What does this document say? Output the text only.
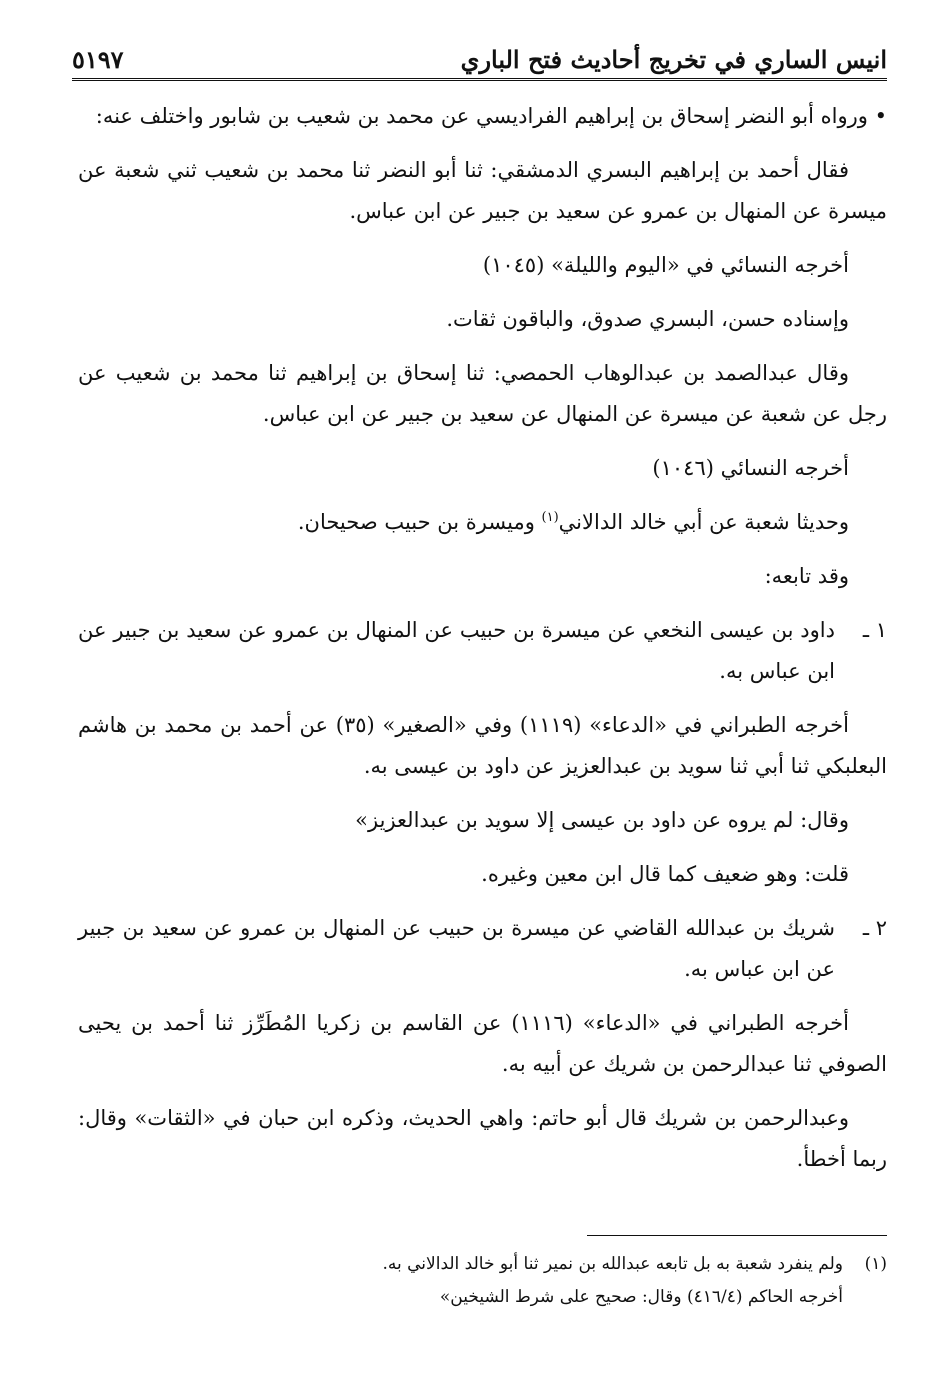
انيس الساري في تخريج أحاديث فتح الباري
٥١٩٧

• ورواه أبو النضر إسحاق بن إبراهيم الفراديسي عن محمد بن شعيب بن شابور واختلف عنه:

فقال أحمد بن إبراهيم البسري الدمشقي: ثنا أبو النضر ثنا محمد بن شعيب ثني شعبة عن ميسرة عن المنهال بن عمرو عن سعيد بن جبير عن ابن عباس.

أخرجه النسائي في «اليوم والليلة» (١٠٤٥)

وإسناده حسن، البسري صدوق، والباقون ثقات.

وقال عبدالصمد بن عبدالوهاب الحمصي: ثنا إسحاق بن إبراهيم ثنا محمد بن شعيب عن رجل عن شعبة عن ميسرة عن المنهال عن سعيد بن جبير عن ابن عباس.

أخرجه النسائي (١٠٤٦)

وحديثا شعبة عن أبي خالد الدالاني$^{(١)}$ وميسرة بن حبيب صحيحان.

وقد تابعه:

١ ـ
داود بن عيسى النخعي عن ميسرة بن حبيب عن المنهال بن عمرو عن سعيد بن جبير عن ابن عباس به.

أخرجه الطبراني في «الدعاء» (١١١٩) وفي «الصغير» (٣٥) عن أحمد بن محمد بن هاشم البعلبكي ثنا أبي ثنا سويد بن عبدالعزيز عن داود بن عيسى به.

وقال: لم يروه عن داود بن عيسى إلا سويد بن عبدالعزيز»

قلت: وهو ضعيف كما قال ابن معين وغيره.

٢ ـ
شريك بن عبدالله القاضي عن ميسرة بن حبيب عن المنهال بن عمرو عن سعيد بن جبير عن ابن عباس به.

أخرجه الطبراني في «الدعاء» (١١١٦) عن القاسم بن زكريا المُطَرِّز ثنا أحمد بن يحيى الصوفي ثنا عبدالرحمن بن شريك عن أبيه به.

وعبدالرحمن بن شريك قال أبو حاتم: واهي الحديث، وذكره ابن حبان في «الثقات» وقال: ربما أخطأ.

(١)
ولم ينفرد شعبة به بل تابعه عبدالله بن نمير ثنا أبو خالد الدالاني به.
أخرجه الحاكم (٤١٦/٤) وقال: صحيح على شرط الشيخين»
